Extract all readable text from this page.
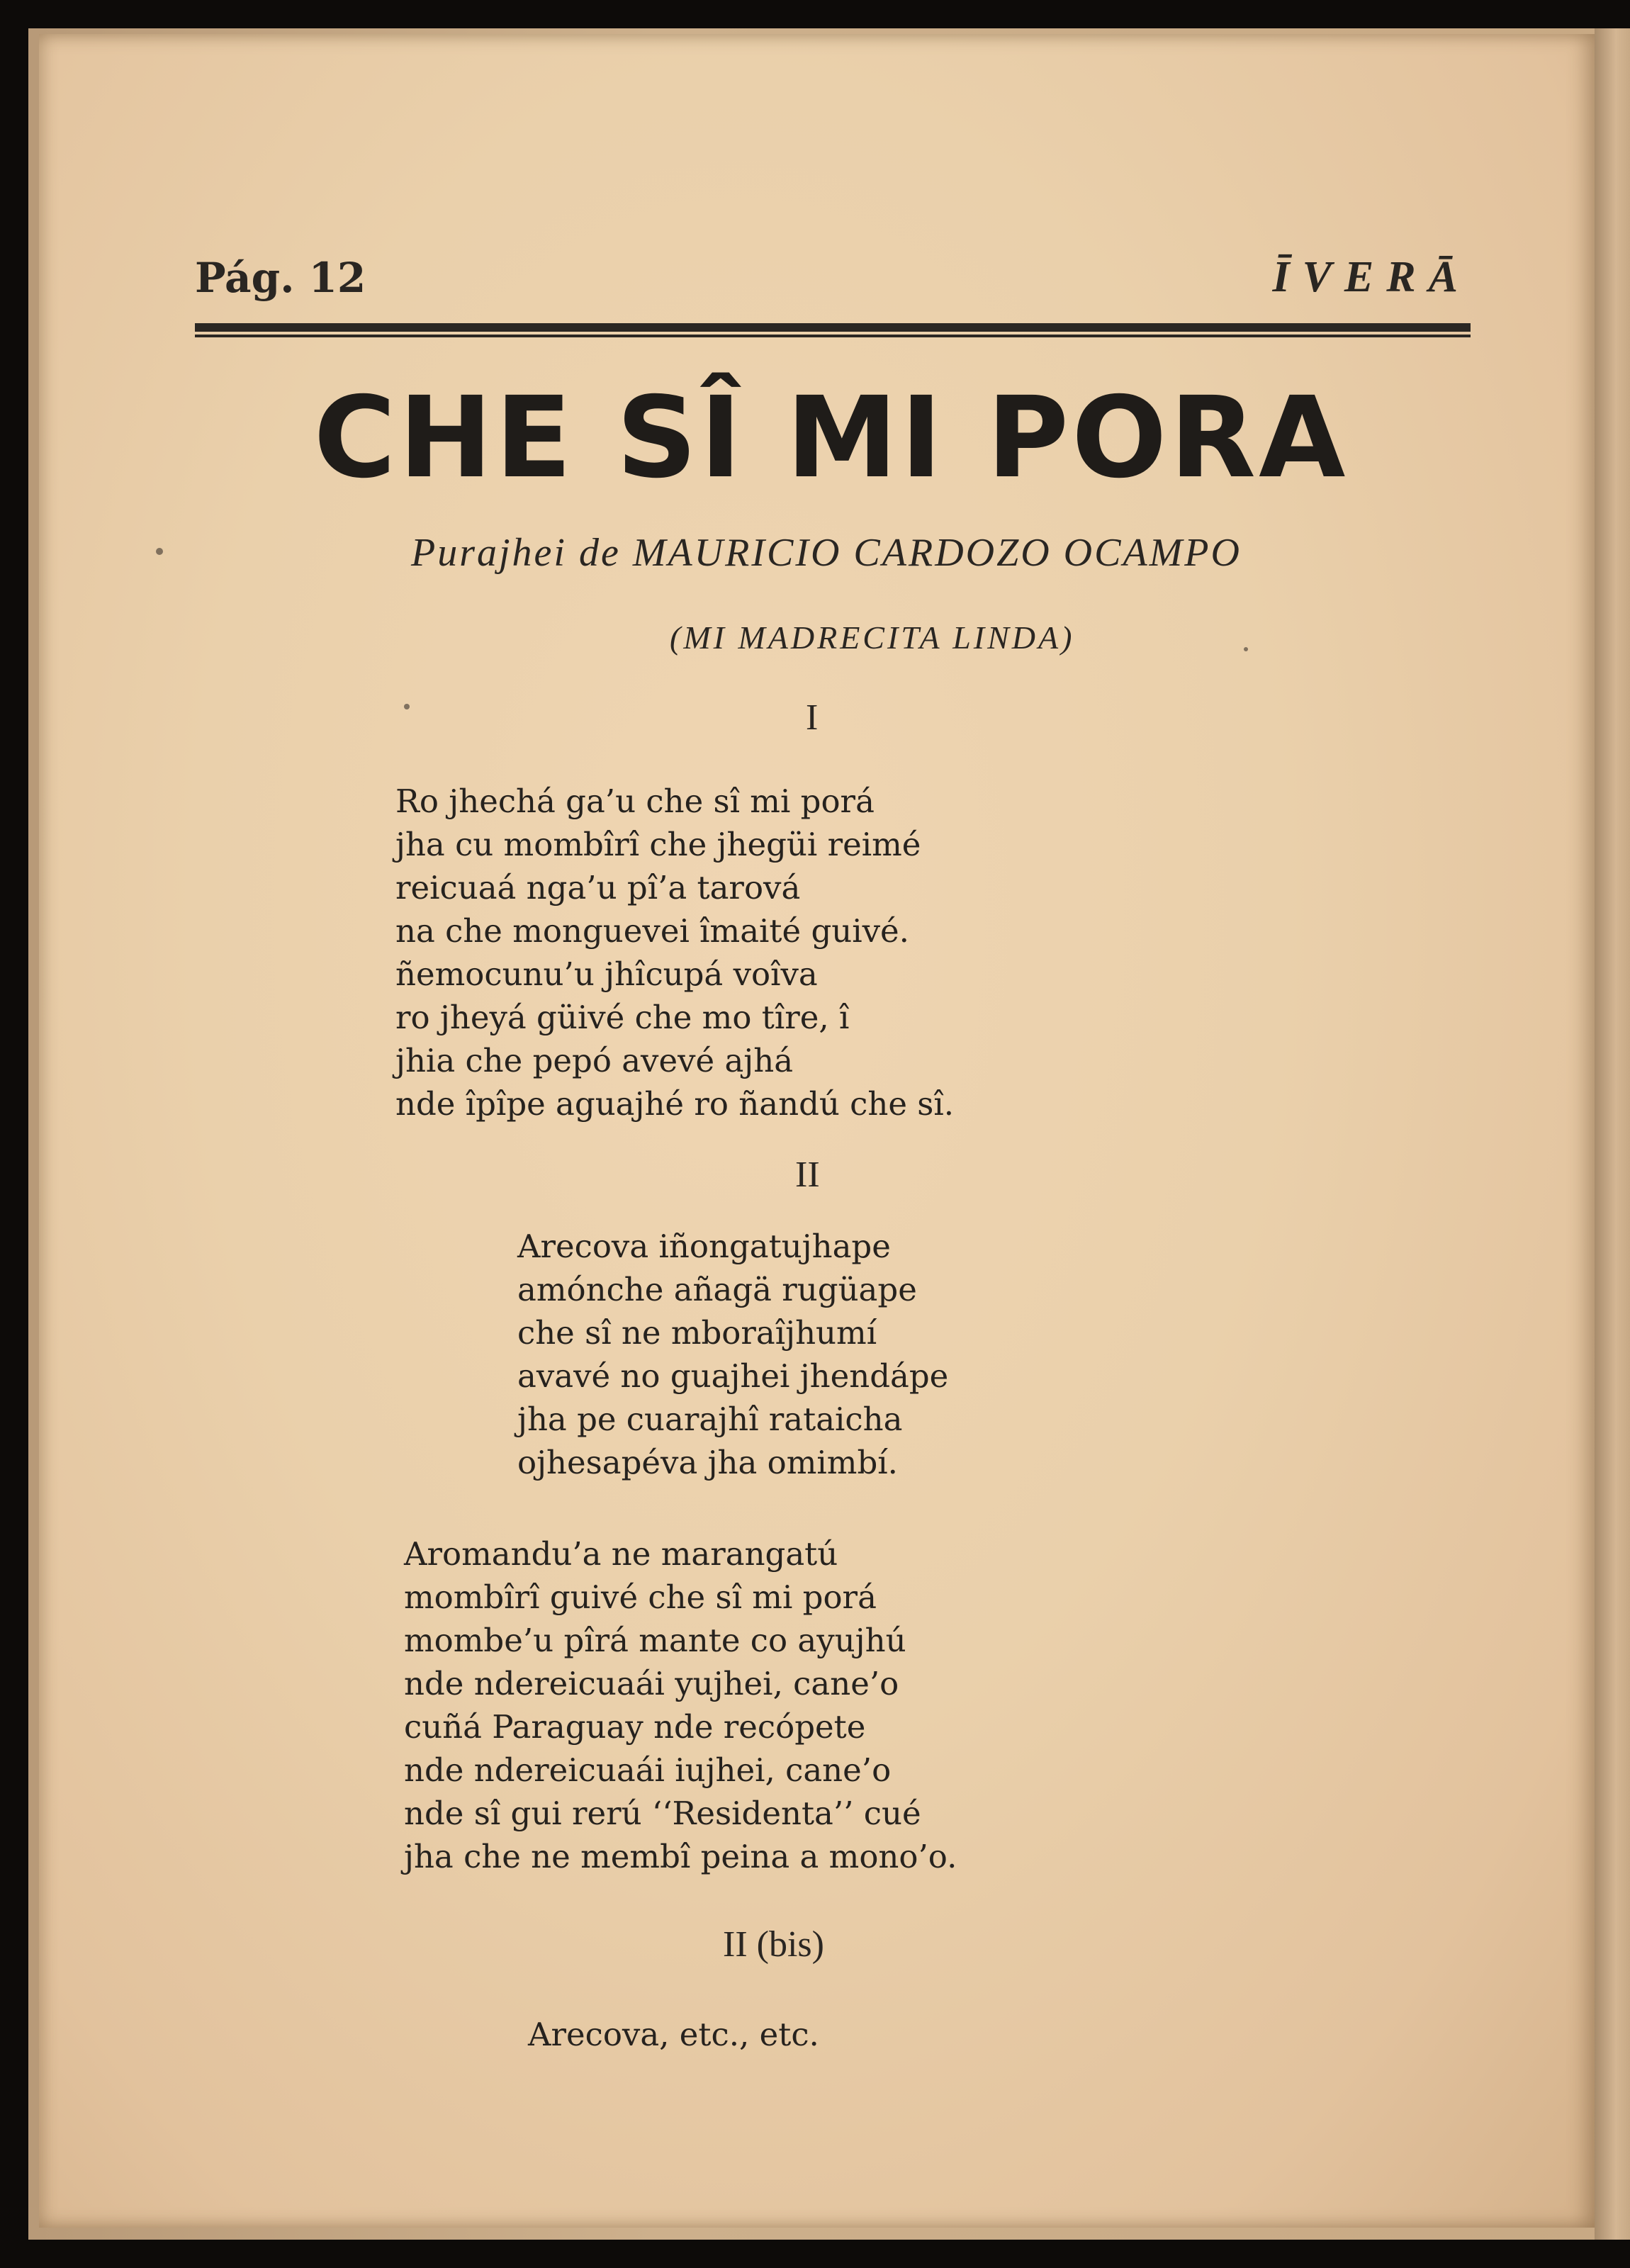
Pág. 12	ĪVERĀ
CHE SÎ MI PORA
Purajhei de MAURICIO CARDOZO OCAMPO
(MI MADRECITA LINDA)
I
Ro jhechá ga’u che sî mi porá
jha cu mombîrî che jhegüi reimé
reicuaá nga’u pî’a tarová
na che monguevei îmaité guivé.
ñemocunu’u jhîcupá voîva
ro jheyá güivé che mo tîre, î
jhia che pepó avevé ajhá
nde îpîpe aguajhé ro ñandú che sî.
II
Arecova iñongatujhape
amónche añagä rugüape
che sî ne mboraîjhumí
avavé no guajhei jhendápe
jha pe cuarajhî rataicha
ojhesapéva jha omimbí.
Aromandu’a ne marangatú
mombîrî guivé che sî mi porá
mombe’u pîrá mante co ayujhú
nde ndereicuaái yujhei, cane’o
cuñá Paraguay nde recópete
nde ndereicuaái iujhei, cane’o
nde sî gui rerú ‘‘Residenta’’ cué
jha che ne membî peina a mono’o.
II (bis)
Arecova, etc., etc.
